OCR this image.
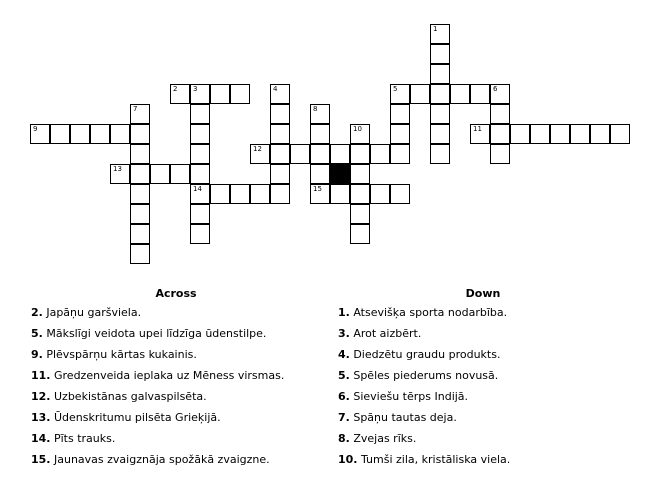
1
2 3	4	5	6
7	8
9	10	11
12
13
14	15
Across
2. Japāņu garšviela.
5. Mākslīgi veidota upei līdzīga ūdenstilpe.
9. Plēvspārņu kārtas kukainis.
11. Gredzenveida ieplaka uz Mēness virsmas.
12. Uzbekistānas galvaspilsēta.
13. Ūdenskritumu pilsēta Grieķijā.
14. Pīts trauks.
15. Jaunavas zvaigznāja spožākā zvaigzne.
Down
1. Atsevišķa sporta nodarbība.
3. Arot aizbērt.
4. Diedzētu graudu produkts.
5. Spēles piederums novusā.
6. Sieviešu tērps Indijā.
7. Spāņu tautas deja.
8. Zvejas rīks.
10. Tumši zila, kristāliska viela.
